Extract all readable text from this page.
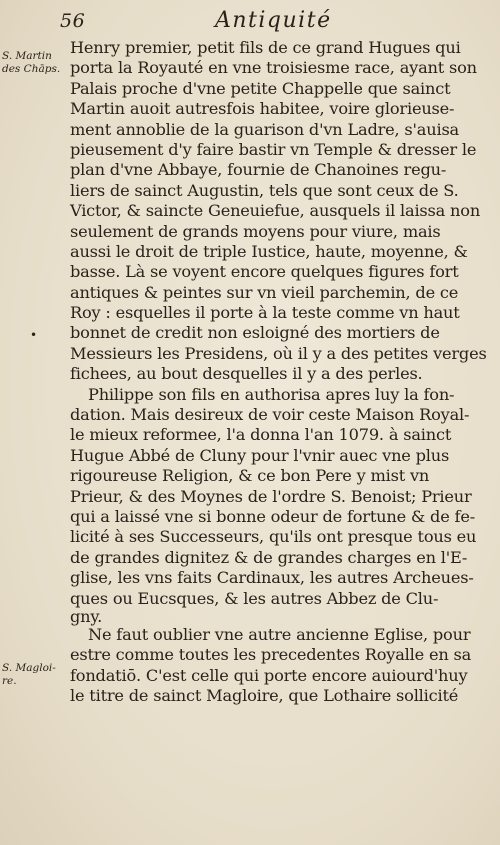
56	Antiquité
S. Martin
des Chāps.
S. Magloi-
re.
•
Henry premier, petit fils de ce grand Hugues qui
porta la Royauté en vne troisiesme race, ayant son
Palais proche d'vne petite Chappelle que sainct
Martin auoit autresfois habitee, voire glorieuse-
ment annoblie de la guarison d'vn Ladre, s'auisa
pieusement d'y faire bastir vn Temple & dresser le
plan d'vne Abbaye, fournie de Chanoines regu-
liers de sainct Augustin, tels que sont ceux de S.
Victor, & saincte Geneuiefue, ausquels il laissa non
seulement de grands moyens pour viure, mais
aussi le droit de triple Iustice, haute, moyenne, &
basse. Là se voyent encore quelques figures fort
antiques & peintes sur vn vieil parchemin, de ce
Roy : esquelles il porte à la teste comme vn haut
bonnet de credit non esloigné des mortiers de
Messieurs les Presidens, où il y a des petites verges
fichees, au bout desquelles il y a des perles.
Philippe son fils en authorisa apres luy la fon-
dation. Mais desireux de voir ceste Maison Royal-
le mieux reformee, l'a donna l'an 1079. à sainct
Hugue Abbé de Cluny pour l'vnir auec vne plus
rigoureuse Religion, & ce bon Pere y mist vn
Prieur, & des Moynes de l'ordre S. Benoist; Prieur
qui a laissé vne si bonne odeur de fortune & de fe-
licité à ses Successeurs, qu'ils ont presque tous eu
de grandes dignitez & de grandes charges en l'E-
glise, les vns faits Cardinaux, les autres Archeues-
ques ou Eucsques, & les autres Abbez de Clu-
gny.
Ne faut oublier vne autre ancienne Eglise, pour
estre comme toutes les precedentes Royalle en sa
fondatiō. C'est celle qui porte encore auiourd'huy
le titre de sainct Magloire, que Lothaire sollicité
